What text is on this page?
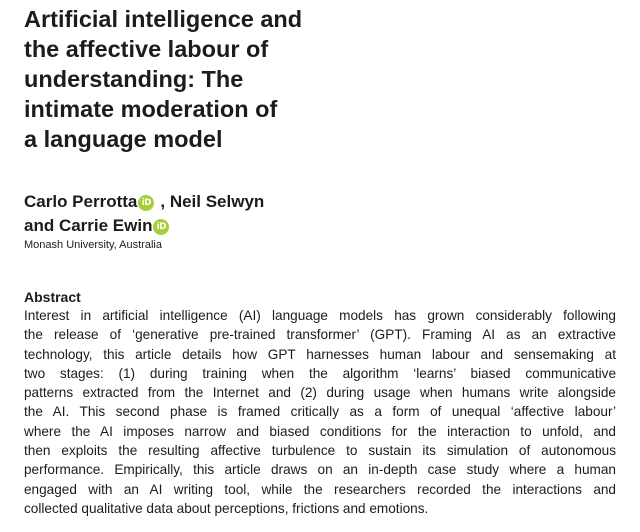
Artificial intelligence and
the affective labour of
understanding: The
intimate moderation of
a language model
Carlo Perrotta iD , Neil Selwyn
and Carrie Ewin iD
Monash University, Australia
Abstract
Interest in artificial intelligence (AI) language models has grown considerably following
the release of ‘generative pre-trained transformer’ (GPT). Framing AI as an extractive
technology, this article details how GPT harnesses human labour and sensemaking at
two stages: (1) during training when the algorithm ‘learns’ biased communicative
patterns extracted from the Internet and (2) during usage when humans write alongside
the AI. This second phase is framed critically as a form of unequal ‘affective labour’
where the AI imposes narrow and biased conditions for the interaction to unfold, and
then exploits the resulting affective turbulence to sustain its simulation of autonomous
performance. Empirically, this article draws on an in-depth case study where a human
engaged with an AI writing tool, while the researchers recorded the interactions and
collected qualitative data about perceptions, frictions and emotions.
